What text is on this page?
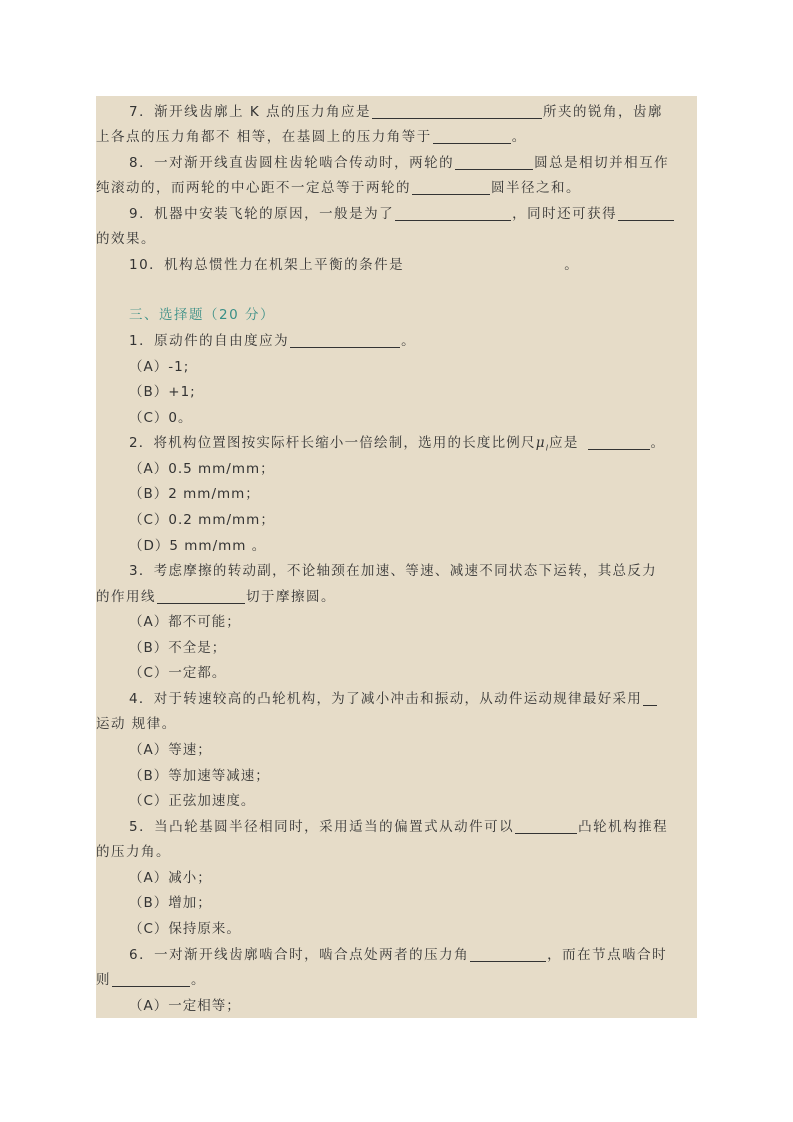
7．渐开线齿廓上 K 点的压力角应是	所夹的锐角，齿廓
上各点的压力角都不 相等，在基圆上的压力角等于	。
8．一对渐开线直齿圆柱齿轮啮合传动时，两轮的	圆总是相切并相互作
纯滚动的，而两轮的中心距不一定总等于两轮的	圆半径之和。
9．机器中安装飞轮的原因，一般是为了	，同时还可获得
的效果。
10．机构总惯性力在机架上平衡的条件是	。
三、选择题（20 分）
1．原动件的自由度应为	。
（A）-1;
（B）+1;
（C）0。
2．将机构位置图按实际杆长缩小一倍绘制，选用的长度比例尺$\mu_l$应是	。
（A）0.5 mm/mm；
（B）2 mm/mm；
（C）0.2 mm/mm；
（D）5 mm/mm 。
3．考虑摩擦的转动副，不论轴颈在加速、等速、减速不同状态下运转，其总反力
的作用线	切于摩擦圆。
（A）都不可能；
（B）不全是；
（C）一定都。
4．对于转速较高的凸轮机构，为了减小冲击和振动，从动件运动规律最好采用
运动 规律。
（A）等速；
（B）等加速等减速；
（C）正弦加速度。
5．当凸轮基圆半径相同时，采用适当的偏置式从动件可以	凸轮机构推程
的压力角。
（A）减小；
（B）增加；
（C）保持原来。
6．一对渐开线齿廓啮合时，啮合点处两者的压力角	，而在节点啮合时
则	。
（A）一定相等；
